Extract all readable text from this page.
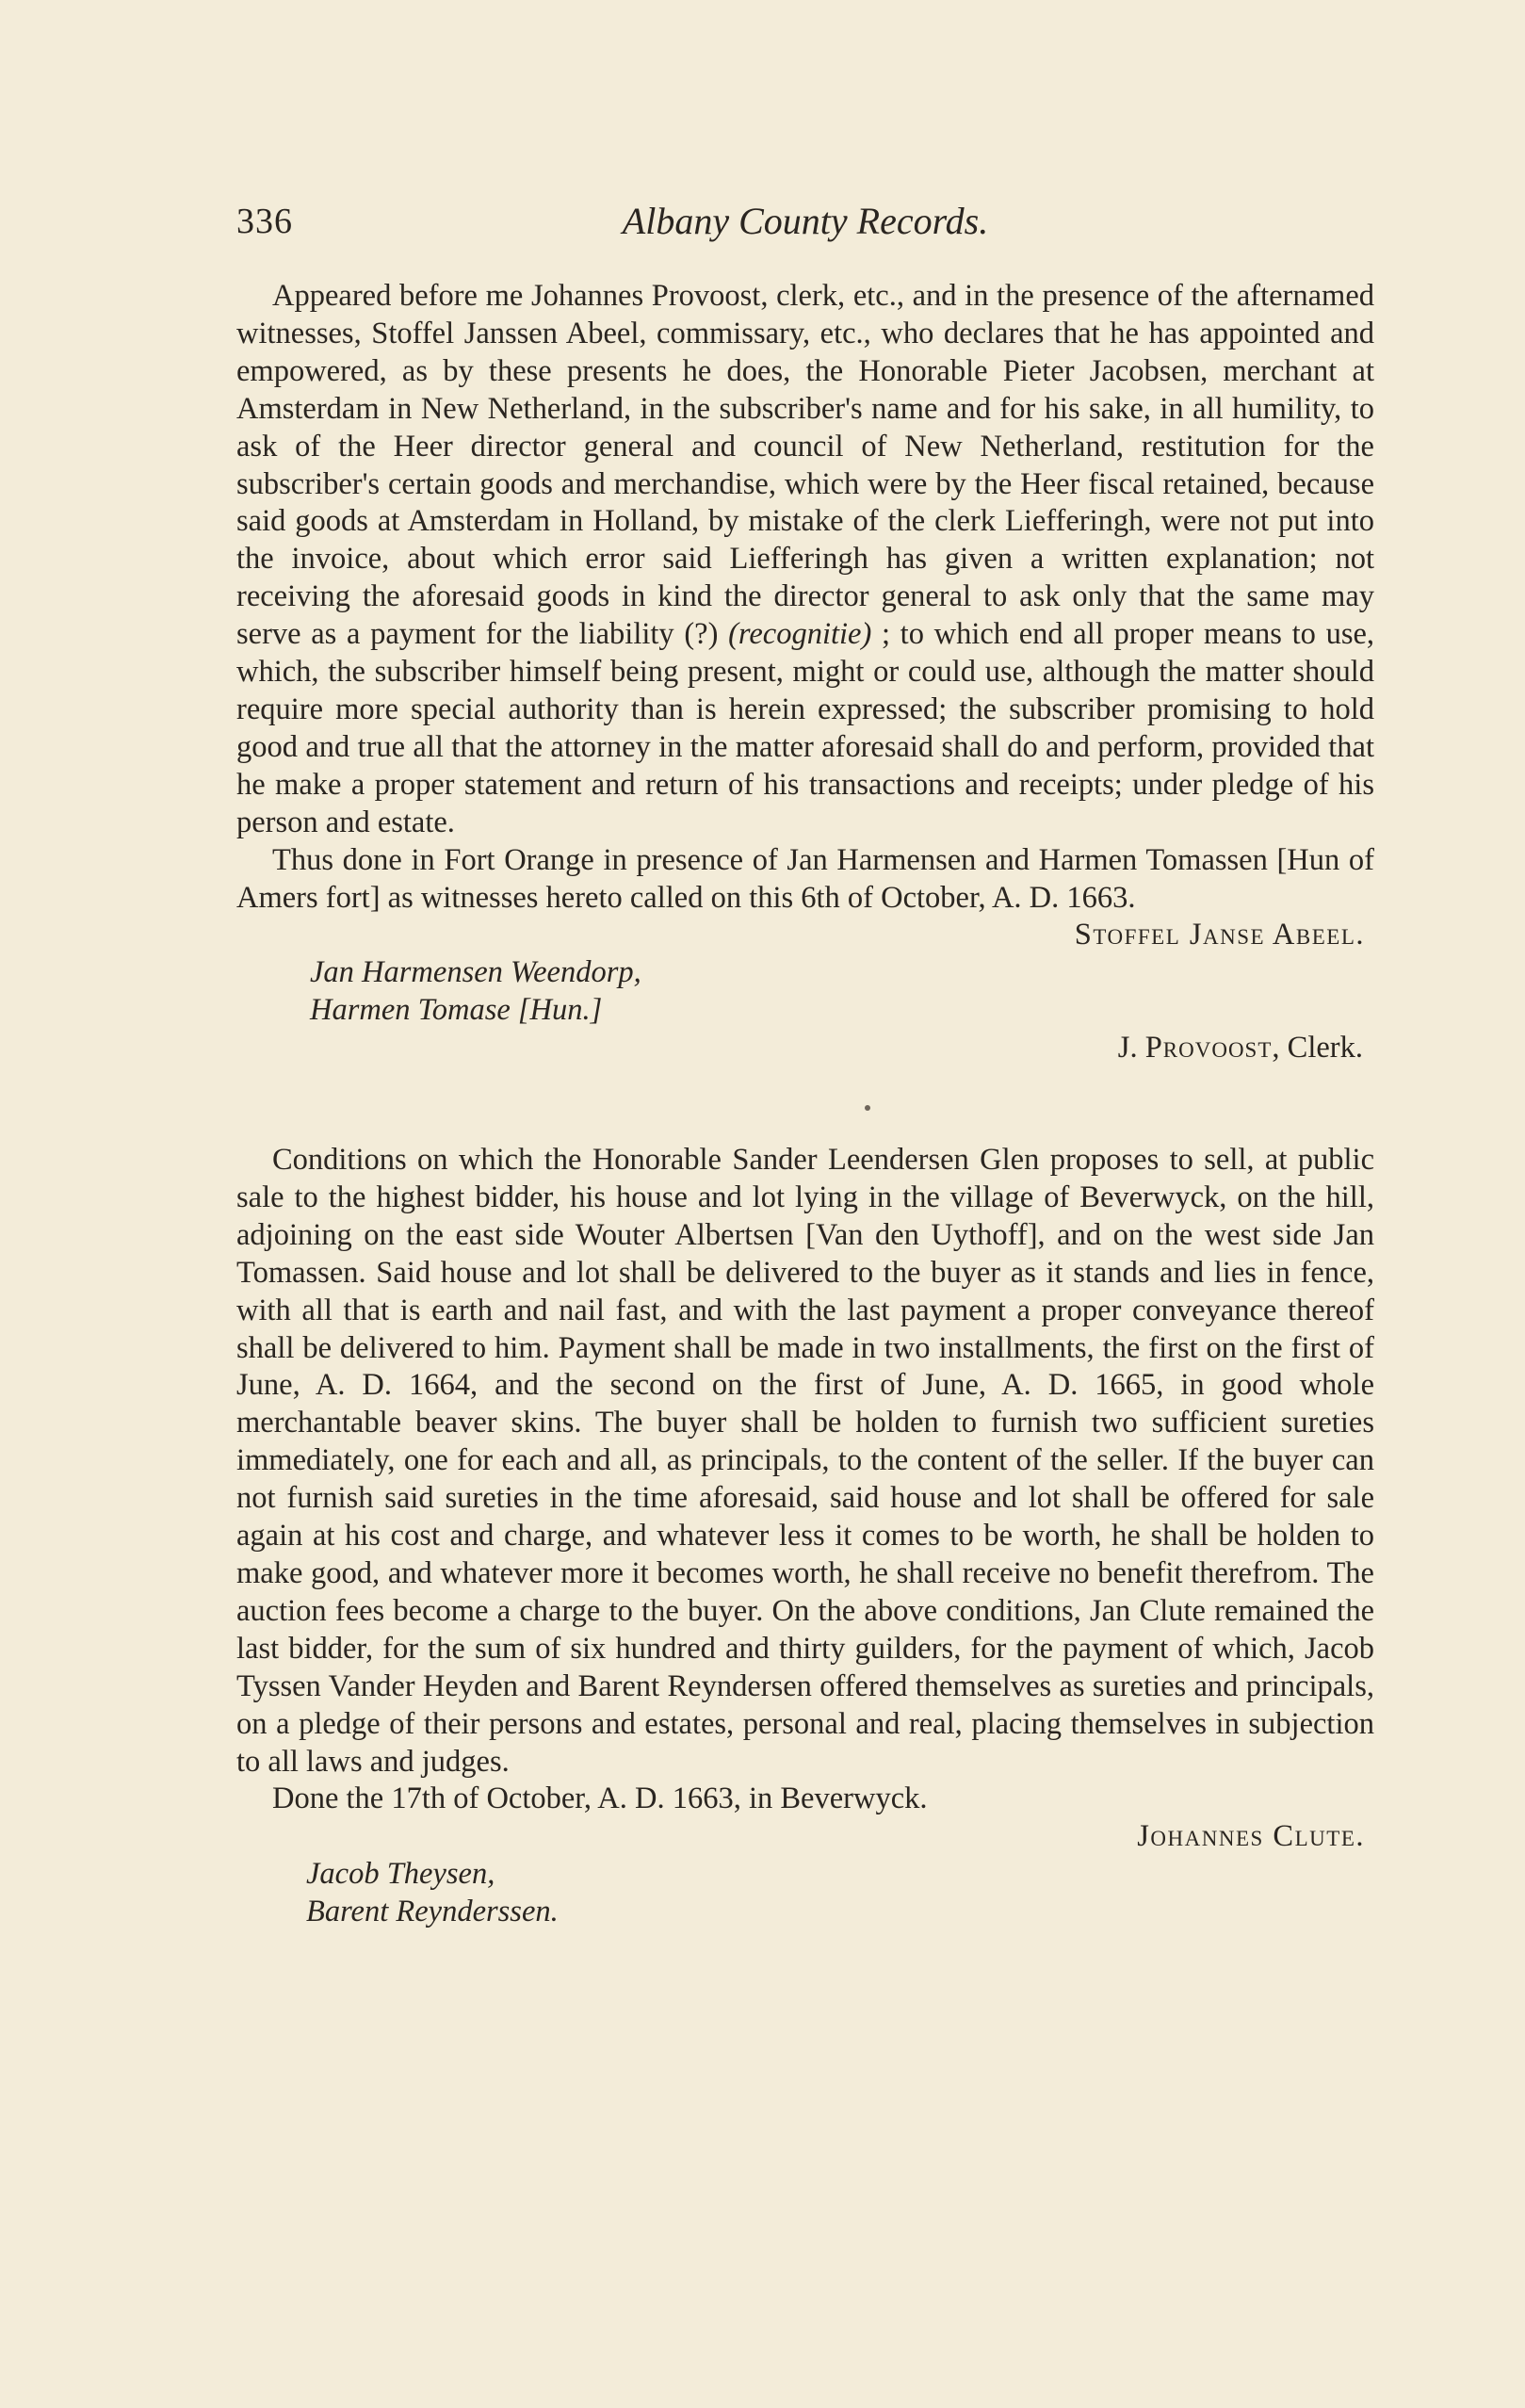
336	Albany County Records.

Appeared before me Johannes Provoost, clerk, etc., and in the presence of the afternamed witnesses, Stoffel Janssen Abeel, commissary, etc., who declares that he has appointed and empowered, as by these presents he does, the Honorable Pieter Jacobsen, merchant at Amsterdam in New Netherland, in the subscriber's name and for his sake, in all humility, to ask of the Heer director general and council of New Netherland, restitution for the subscriber's certain goods and merchandise, which were by the Heer fiscal retained, because said goods at Amsterdam in Holland, by mistake of the clerk Liefferingh, were not put into the invoice, about which error said Liefferingh has given a written explanation; not receiving the aforesaid goods in kind the director general to ask only that the same may serve as a payment for the liability (?) (recognitie) ; to which end all proper means to use, which, the subscriber himself being present, might or could use, although the matter should require more special authority than is herein expressed; the subscriber promising to hold good and true all that the attorney in the matter aforesaid shall do and perform, provided that he make a proper statement and return of his transactions and receipts; under pledge of his person and estate.

Thus done in Fort Orange in presence of Jan Harmensen and Harmen Tomassen [Hun of Amers fort] as witnesses hereto called on this 6th of October, A. D. 1663.

Stoffel Janse Abeel.
Jan Harmensen Weendorp,
Harmen Tomase [Hun.]
J. Provoost, Clerk.

Conditions on which the Honorable Sander Leendersen Glen proposes to sell, at public sale to the highest bidder, his house and lot lying in the village of Beverwyck, on the hill, adjoining on the east side Wouter Albertsen [Van den Uythoff], and on the west side Jan Tomassen. Said house and lot shall be delivered to the buyer as it stands and lies in fence, with all that is earth and nail fast, and with the last payment a proper conveyance thereof shall be delivered to him. Payment shall be made in two installments, the first on the first of June, A. D. 1664, and the second on the first of June, A. D. 1665, in good whole merchantable beaver skins. The buyer shall be holden to furnish two sufficient sureties immediately, one for each and all, as principals, to the content of the seller. If the buyer can not furnish said sureties in the time aforesaid, said house and lot shall be offered for sale again at his cost and charge, and whatever less it comes to be worth, he shall be holden to make good, and whatever more it becomes worth, he shall receive no benefit therefrom. The auction fees become a charge to the buyer. On the above conditions, Jan Clute remained the last bidder, for the sum of six hundred and thirty guilders, for the payment of which, Jacob Tyssen Vander Heyden and Barent Reyndersen offered themselves as sureties and principals, on a pledge of their persons and estates, personal and real, placing themselves in subjection to all laws and judges.

Done the 17th of October, A. D. 1663, in Beverwyck.

Johannes Clute.
Jacob Theysen,
Barent Reynderssen.
